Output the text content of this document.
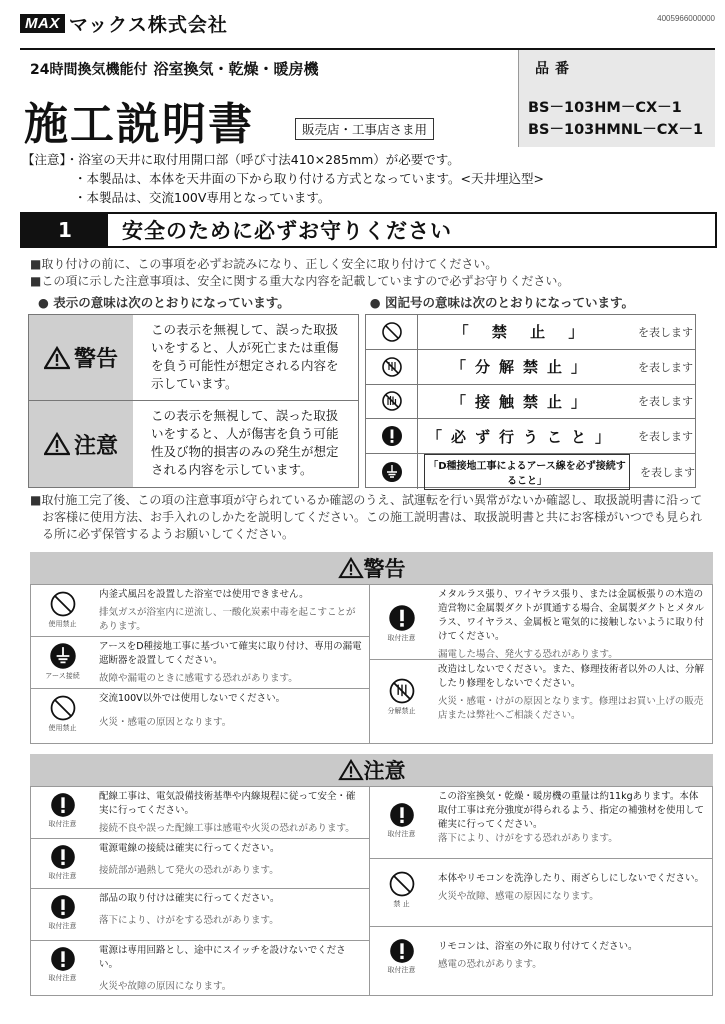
MAX マックス株式会社	4005966000000
24時間換気機能付 浴室換気・乾燥・暖房機
施工説明書	販売店・工事店さま用
品番
BS－103HM－CX－1
BS－103HMNL－CX－1
【注意】・浴室の天井に取付用開口部（呼び寸法410×285mm）が必要です。
・本製品は、本体を天井面の下から取り付ける方式となっています。<天井埋込型>
・本製品は、交流100V専用となっています。
1	安全のために必ずお守りください
■取り付けの前に、この事項を必ずお読みになり、正しく安全に取り付けてください。
■この項に示した注意事項は、安全に関する重大な内容を記載していますので必ずお守りください。
● 表示の意味は次のとおりになっています。	● 図記号の意味は次のとおりになっています。
警告
この表示を無視して、誤った取扱いをすると、人が死亡または重傷を負う可能性が想定される内容を示しています。
注意
この表示を無視して、誤った取扱いをすると、人が傷害を負う可能性及び物的損害のみの発生が想定される内容を示しています。
「 禁 止 」	を表します
「分解禁止」	を表します
「接触禁止」	を表します
「必ず行うこと」	を表します
「D種接地工事によるアース線を必ず接続すること」
を表します
■取付施工完了後、この項の注意事項が守られているか確認のうえ、試運転を行い異常がないか確認し、取扱説明書に沿って
お客様に使用方法、お手入れのしかたを説明してください。この施工説明書は、取扱説明書と共にお客様がいつでも見られ
る所に必ず保管するようお願いしてください。
警告
使用禁止
内釜式風呂を設置した浴室では使用できません。
排気ガスが浴室内に逆流し、一酸化炭素中毒を起こすことがあります。
アース接続
アースをD種接地工事に基づいて確実に取り付け、専用の漏電遮断器を設置してください。
故障や漏電のときに感電する恐れがあります。
使用禁止
交流100V以外では使用しないでください。
火災・感電の原因となります。
取付注意
メタルラス張り、ワイヤラス張り、または金属板張りの木造の造営物に金属製ダクトが貫通する場合、金属製ダクトとメタルラス、ワイヤラス、金属板と電気的に接触しないように取り付けてください。
漏電した場合、発火する恐れがあります。
分解禁止
改造はしないでください。また、修理技術者以外の人は、分解したり修理をしないでください。
火災・感電・けがの原因となります。修理はお買い上げの販売店または弊社へご相談ください。
注意
取付注意
配線工事は、電気設備技術基準や内線規程に従って安全・確実に行ってください。
接続不良や誤った配線工事は感電や火災の恐れがあります。
取付注意
電源電線の接続は確実に行ってください。
接続部が過熱して発火の恐れがあります。
取付注意
部品の取り付けは確実に行ってください。
落下により、けがをする恐れがあります。
取付注意
電源は専用回路とし、途中にスイッチを設けないでください。
火災や故障の原因になります。
取付注意
この浴室換気・乾燥・暖房機の重量は約11kgあります。本体取付工事は充分強度が得られるよう、指定の補強材を使用して確実に行ってください。
落下により、けがをする恐れがあります。
禁 止
本体やリモコンを洗浄したり、雨ざらしにしないでください。
火災や故障、感電の原因になります。
取付注意
リモコンは、浴室の外に取り付けてください。
感電の恐れがあります。
